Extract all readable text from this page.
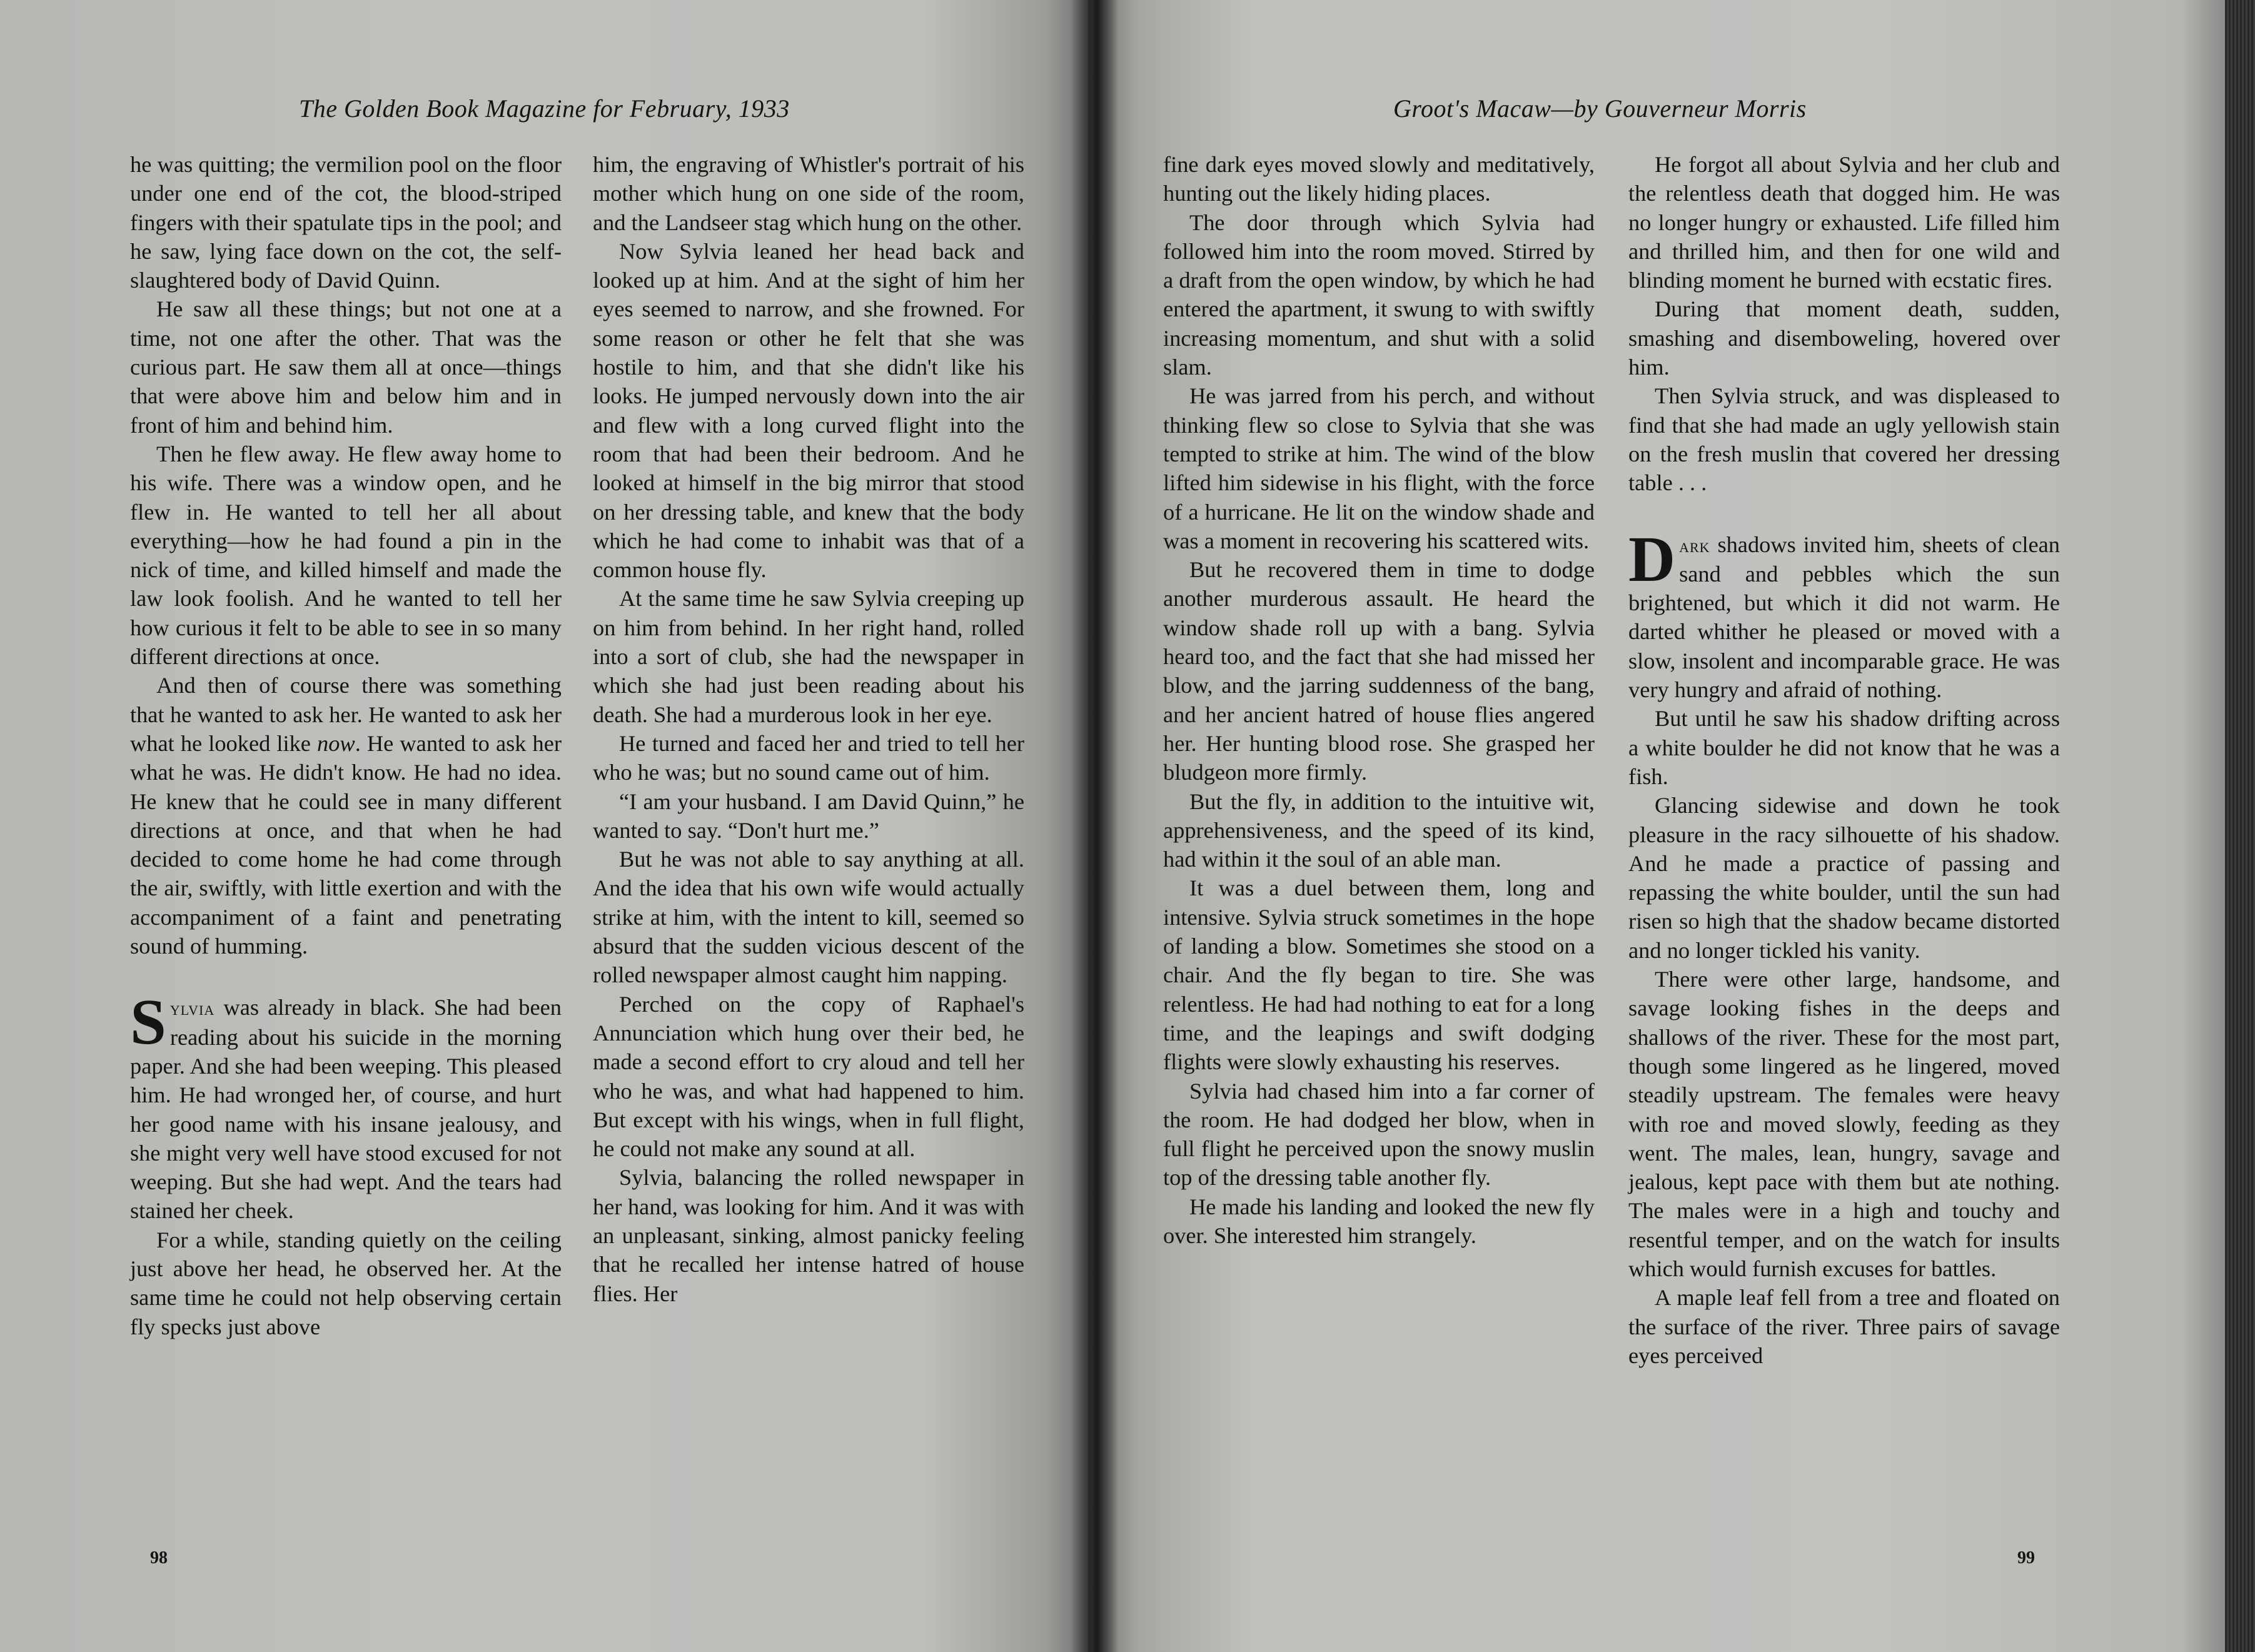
The Golden Book Magazine for February, 1933

he was quitting; the vermilion pool on the floor under one end of the cot, the blood-striped fingers with their spatulate tips in the pool; and he saw, lying face down on the cot, the self-slaughtered body of David Quinn.

He saw all these things; but not one at a time, not one after the other. That was the curious part. He saw them all at once—things that were above him and below him and in front of him and behind him.

Then he flew away. He flew away home to his wife. There was a window open, and he flew in. He wanted to tell her all about everything—how he had found a pin in the nick of time, and killed himself and made the law look foolish. And he wanted to tell her how curious it felt to be able to see in so many different directions at once.

And then of course there was something that he wanted to ask her. He wanted to ask her what he looked like now. He wanted to ask her what he was. He didn't know. He had no idea. He knew that he could see in many different directions at once, and that when he had decided to come home he had come through the air, swiftly, with little exertion and with the accompaniment of a faint and penetrating sound of humming.

Sylvia was already in black. She had been reading about his suicide in the morning paper. And she had been weeping. This pleased him. He had wronged her, of course, and hurt her good name with his insane jealousy, and she might very well have stood excused for not weeping. But she had wept. And the tears had stained her cheek.

For a while, standing quietly on the ceiling just above her head, he observed her. At the same time he could not help observing certain fly specks just above

him, the engraving of Whistler's portrait of his mother which hung on one side of the room, and the Landseer stag which hung on the other.

Now Sylvia leaned her head back and looked up at him. And at the sight of him her eyes seemed to narrow, and she frowned. For some reason or other he felt that she was hostile to him, and that she didn't like his looks. He jumped nervously down into the air and flew with a long curved flight into the room that had been their bedroom. And he looked at himself in the big mirror that stood on her dressing table, and knew that the body which he had come to inhabit was that of a common house fly.

At the same time he saw Sylvia creeping up on him from behind. In her right hand, rolled into a sort of club, she had the newspaper in which she had just been reading about his death. She had a murderous look in her eye.

He turned and faced her and tried to tell her who he was; but no sound came out of him.

“I am your husband. I am David Quinn,” he wanted to say. “Don't hurt me.”

But he was not able to say anything at all. And the idea that his own wife would actually strike at him, with the intent to kill, seemed so absurd that the sudden vicious descent of the rolled newspaper almost caught him napping.

Perched on the copy of Raphael's Annunciation which hung over their bed, he made a second effort to cry aloud and tell her who he was, and what had happened to him. But except with his wings, when in full flight, he could not make any sound at all.

Sylvia, balancing the rolled newspaper in her hand, was looking for him. And it was with an unpleasant, sinking, almost panicky feeling that he recalled her intense hatred of house flies. Her

98
Groot's Macaw—by Gouverneur Morris

fine dark eyes moved slowly and meditatively, hunting out the likely hiding places.

The door through which Sylvia had followed him into the room moved. Stirred by a draft from the open window, by which he had entered the apartment, it swung to with swiftly increasing momentum, and shut with a solid slam.

He was jarred from his perch, and without thinking flew so close to Sylvia that she was tempted to strike at him. The wind of the blow lifted him sidewise in his flight, with the force of a hurricane. He lit on the window shade and was a moment in recovering his scattered wits.

But he recovered them in time to dodge another murderous assault. He heard the window shade roll up with a bang. Sylvia heard too, and the fact that she had missed her blow, and the jarring suddenness of the bang, and her ancient hatred of house flies angered her. Her hunting blood rose. She grasped her bludgeon more firmly.

But the fly, in addition to the intuitive wit, apprehensiveness, and the speed of its kind, had within it the soul of an able man.

It was a duel between them, long and intensive. Sylvia struck sometimes in the hope of landing a blow. Sometimes she stood on a chair. And the fly began to tire. She was relentless. He had had nothing to eat for a long time, and the leapings and swift dodging flights were slowly exhausting his reserves.

Sylvia had chased him into a far corner of the room. He had dodged her blow, when in full flight he perceived upon the snowy muslin top of the dressing table another fly.

He made his landing and looked the new fly over. She interested him strangely.

He forgot all about Sylvia and her club and the relentless death that dogged him. He was no longer hungry or exhausted. Life filled him and thrilled him, and then for one wild and blinding moment he burned with ecstatic fires.

During that moment death, sudden, smashing and disemboweling, hovered over him.

Then Sylvia struck, and was displeased to find that she had made an ugly yellowish stain on the fresh muslin that covered her dressing table . . .

Dark shadows invited him, sheets of clean sand and pebbles which the sun brightened, but which it did not warm. He darted whither he pleased or moved with a slow, insolent and incomparable grace. He was very hungry and afraid of nothing.

But until he saw his shadow drifting across a white boulder he did not know that he was a fish.

Glancing sidewise and down he took pleasure in the racy silhouette of his shadow. And he made a practice of passing and repassing the white boulder, until the sun had risen so high that the shadow became distorted and no longer tickled his vanity.

There were other large, handsome, and savage looking fishes in the deeps and shallows of the river. These for the most part, though some lingered as he lingered, moved steadily upstream. The females were heavy with roe and moved slowly, feeding as they went. The males, lean, hungry, savage and jealous, kept pace with them but ate nothing. The males were in a high and touchy and resentful temper, and on the watch for insults which would furnish excuses for battles.

A maple leaf fell from a tree and floated on the surface of the river. Three pairs of savage eyes perceived

99
